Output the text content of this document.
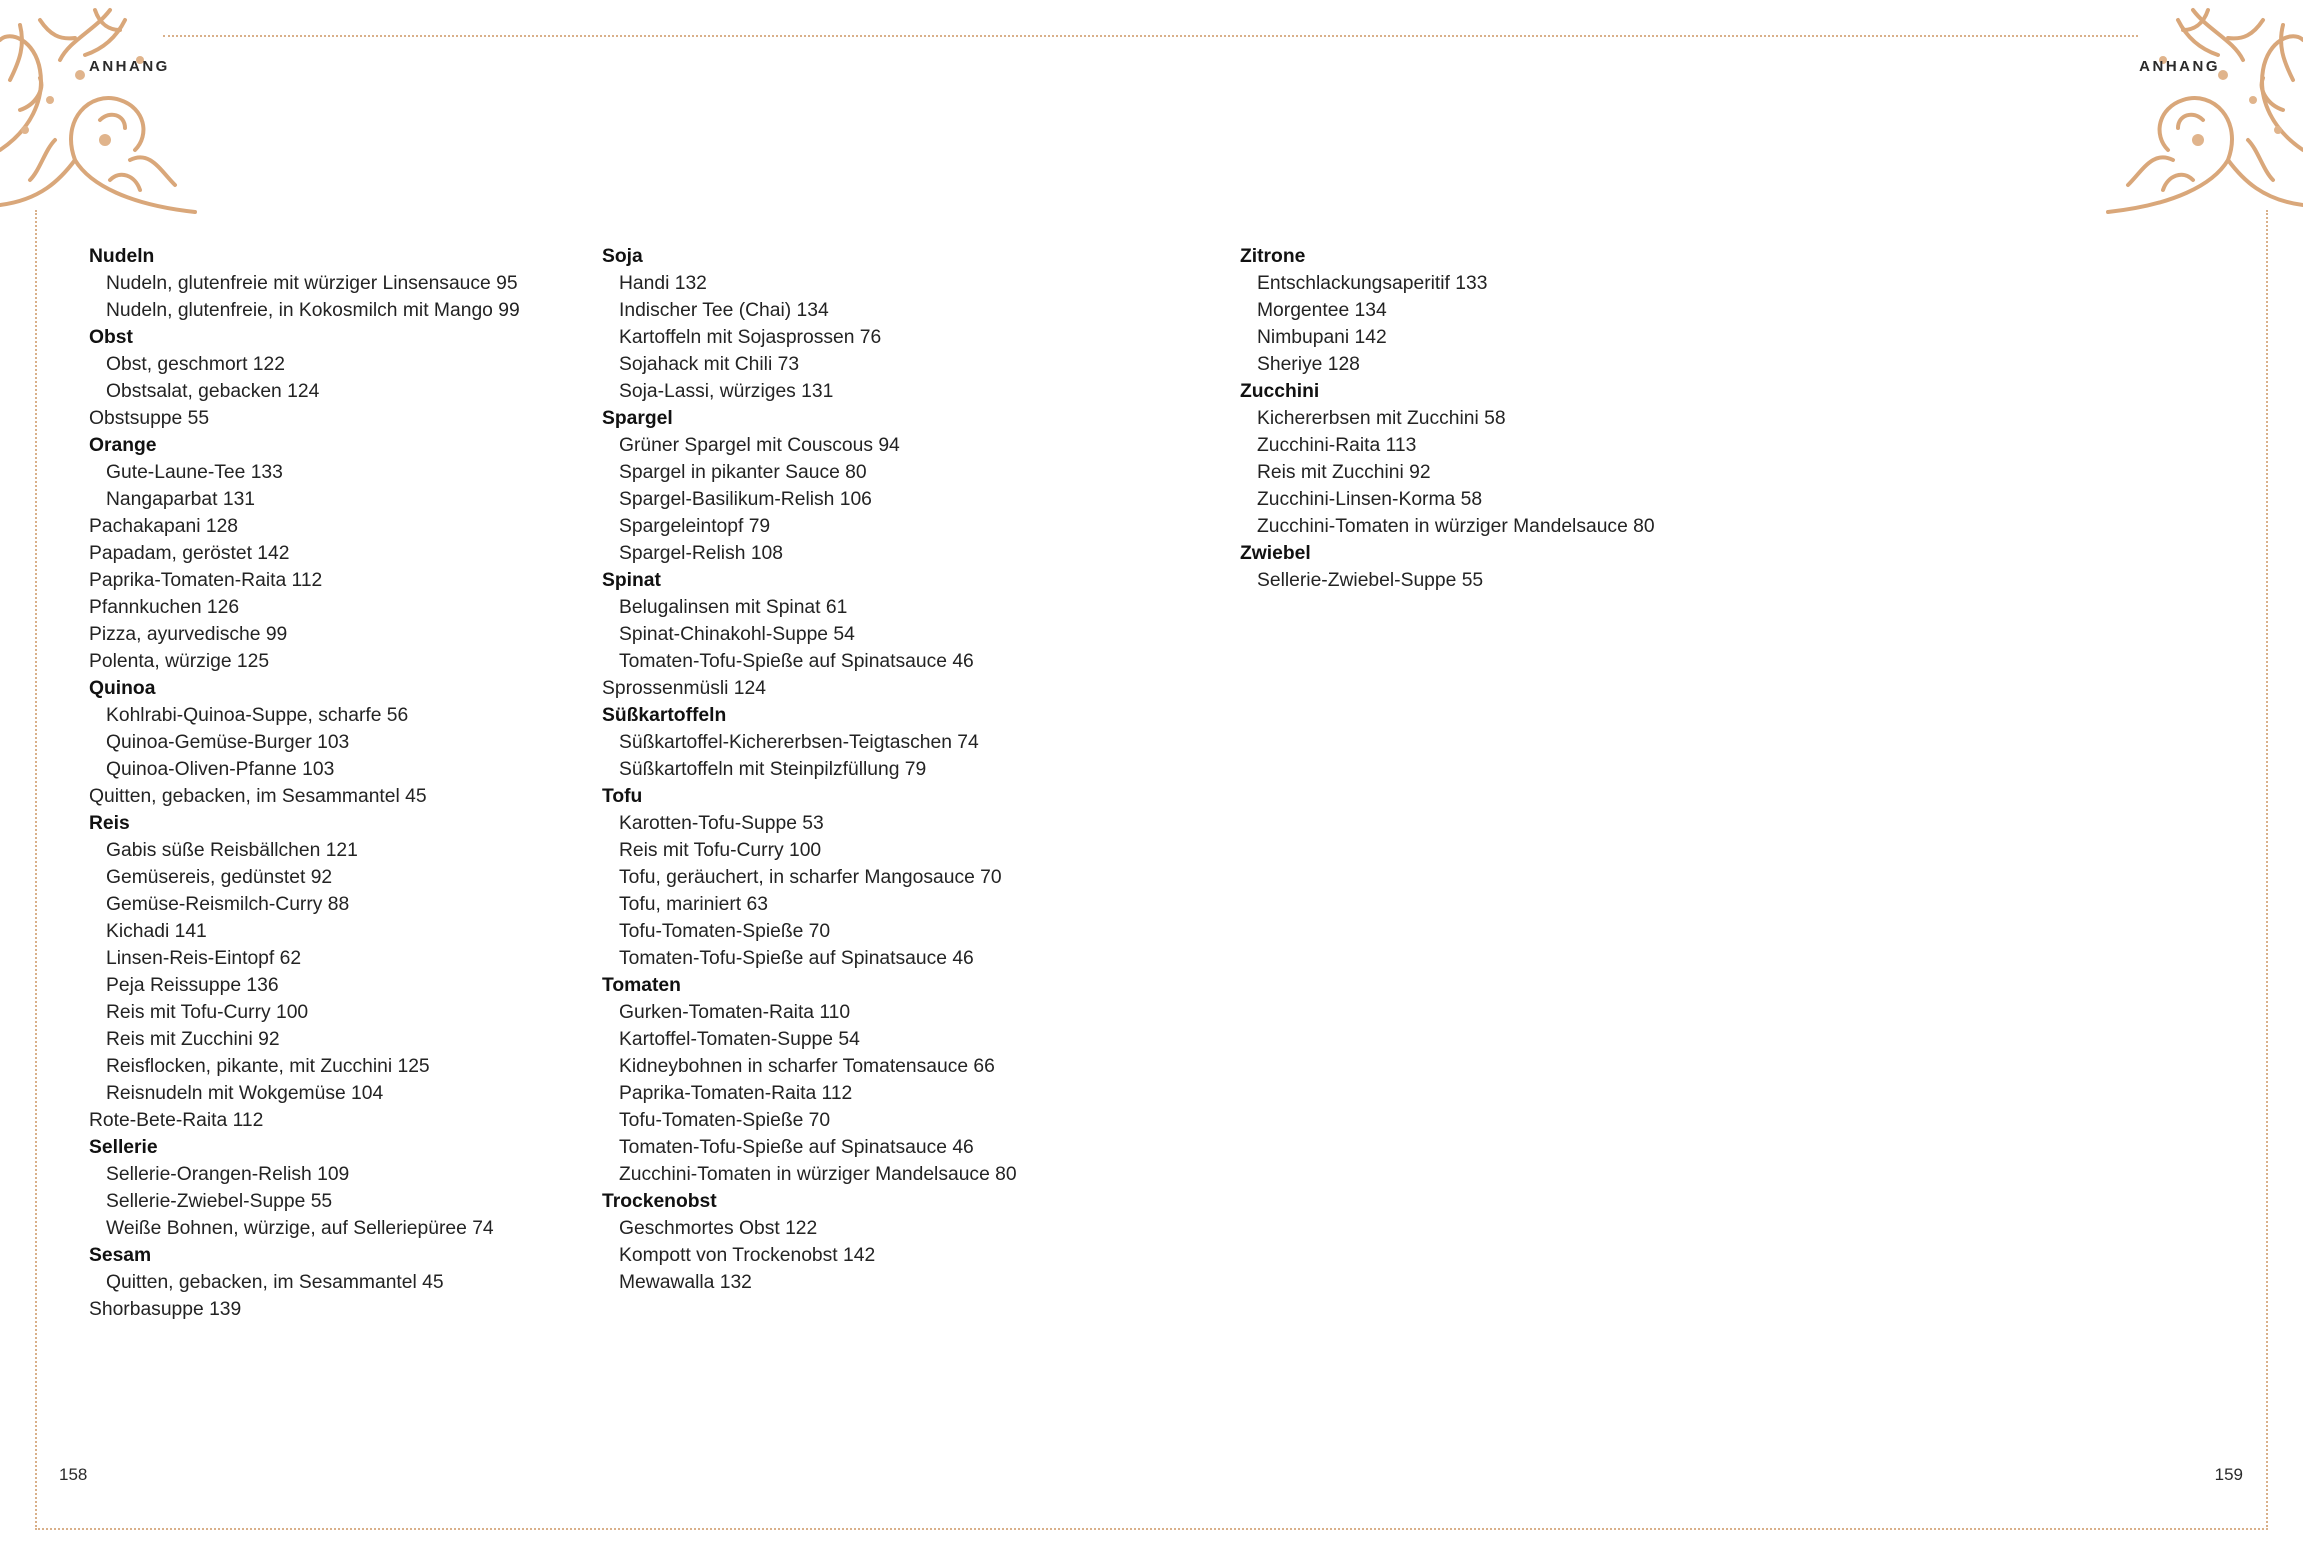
ANHANG	ANHANG
Nudeln
Nudeln, glutenfreie mit würziger Linsensauce 95
Nudeln, glutenfreie, in Kokosmilch mit Mango 99
Obst
Obst, geschmort 122
Obstsalat, gebacken 124
Obstsuppe 55
Orange
Gute-Laune-Tee 133
Nangaparbat 131
Pachakapani 128
Papadam, geröstet 142
Paprika-Tomaten-Raita 112
Pfannkuchen 126
Pizza, ayurvedische 99
Polenta, würzige 125
Quinoa
Kohlrabi-Quinoa-Suppe, scharfe 56
Quinoa-Gemüse-Burger 103
Quinoa-Oliven-Pfanne 103
Quitten, gebacken, im Sesammantel 45
Reis
Gabis süße Reisbällchen 121
Gemüsereis, gedünstet 92
Gemüse-Reismilch-Curry 88
Kichadi 141
Linsen-Reis-Eintopf 62
Peja Reissuppe 136
Reis mit Tofu-Curry 100
Reis mit Zucchini 92
Reisflocken, pikante, mit Zucchini 125
Reisnudeln mit Wokgemüse 104
Rote-Bete-Raita 112
Sellerie
Sellerie-Orangen-Relish 109
Sellerie-Zwiebel-Suppe 55
Weiße Bohnen, würzige, auf Selleriepüree 74
Sesam
Quitten, gebacken, im Sesammantel 45
Shorbasuppe 139
Soja
Handi 132
Indischer Tee (Chai) 134
Kartoffeln mit Sojasprossen 76
Sojahack mit Chili 73
Soja-Lassi, würziges 131
Spargel
Grüner Spargel mit Couscous 94
Spargel in pikanter Sauce 80
Spargel-Basilikum-Relish 106
Spargeleintopf 79
Spargel-Relish 108
Spinat
Belugalinsen mit Spinat 61
Spinat-Chinakohl-Suppe 54
Tomaten-Tofu-Spieße auf Spinatsauce 46
Sprossenmüsli 124
Süßkartoffeln
Süßkartoffel-Kichererbsen-Teigtaschen 74
Süßkartoffeln mit Steinpilzfüllung 79
Tofu
Karotten-Tofu-Suppe 53
Reis mit Tofu-Curry 100
Tofu, geräuchert, in scharfer Mangosauce 70
Tofu, mariniert 63
Tofu-Tomaten-Spieße 70
Tomaten-Tofu-Spieße auf Spinatsauce 46
Tomaten
Gurken-Tomaten-Raita 110
Kartoffel-Tomaten-Suppe 54
Kidneybohnen in scharfer Tomatensauce 66
Paprika-Tomaten-Raita 112
Tofu-Tomaten-Spieße 70
Tomaten-Tofu-Spieße auf Spinatsauce 46
Zucchini-Tomaten in würziger Mandelsauce 80
Trockenobst
Geschmortes Obst 122
Kompott von Trockenobst 142
Mewawalla 132
Zitrone
Entschlackungsaperitif 133
Morgentee 134
Nimbupani 142
Sheriye 128
Zucchini
Kichererbsen mit Zucchini 58
Zucchini-Raita 113
Reis mit Zucchini 92
Zucchini-Linsen-Korma 58
Zucchini-Tomaten in würziger Mandelsauce 80
Zwiebel
Sellerie-Zwiebel-Suppe 55
158	159
